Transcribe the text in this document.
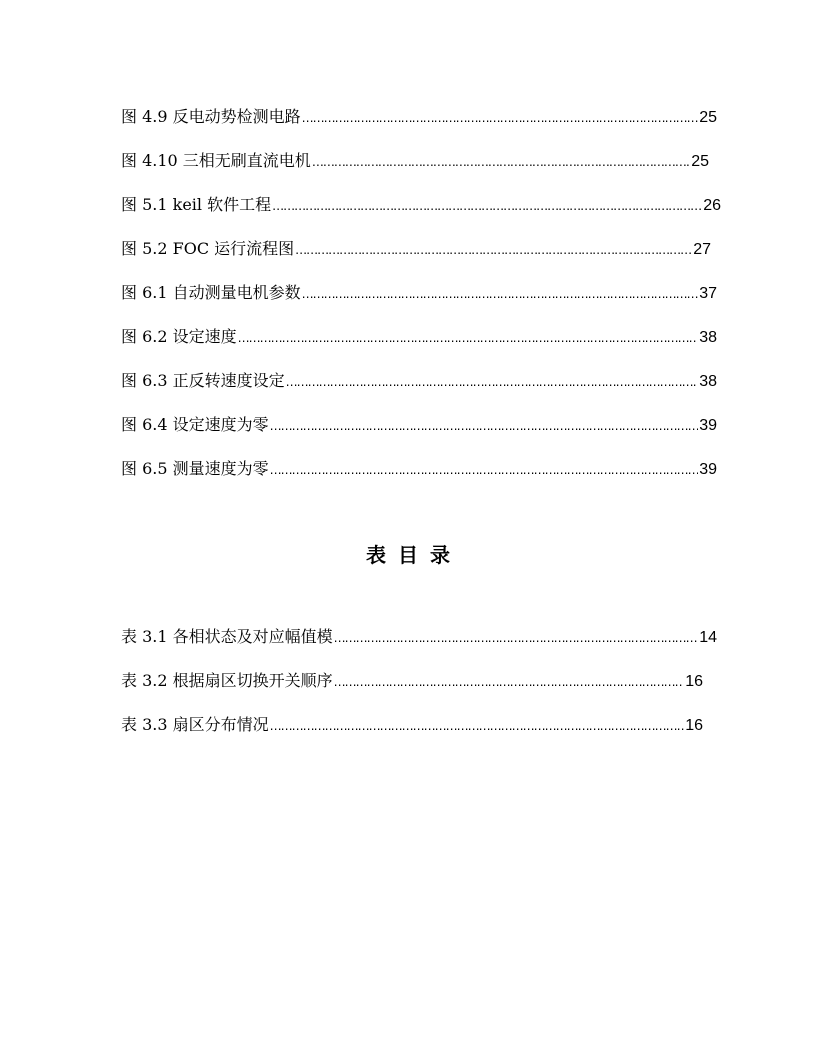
图 4.9 反电动势检测电路 …………………………………………………………………………………………………………………………………………………………………………………………	25
图 4.10 三相无刷直流电机 …………………………………………………………………………………………………………………………………………………………………………………………	25
图 5.1 keil 软件工程 …………………………………………………………………………………………………………………………………………………………………………………………	26
图 5.2 FOC 运行流程图 …………………………………………………………………………………………………………………………………………………………………………………………	27
图 6.1 自动测量电机参数 …………………………………………………………………………………………………………………………………………………………………………………………	37
图 6.2 设定速度 …………………………………………………………………………………………………………………………………………………………………………………………	38
图 6.3 正反转速度设定 …………………………………………………………………………………………………………………………………………………………………………………………	38
图 6.4 设定速度为零 …………………………………………………………………………………………………………………………………………………………………………………………	39
图 6.5 测量速度为零 …………………………………………………………………………………………………………………………………………………………………………………………	39
表目录
表 3.1 各相状态及对应幅值模 …………………………………………………………………………………………………………………………………………………………………………………………	14
表 3.2 根据扇区切换开关顺序 …………………………………………………………………………………………………………………………………………………………………………………………	16
表 3.3 扇区分布情况 …………………………………………………………………………………………………………………………………………………………………………………………	16
